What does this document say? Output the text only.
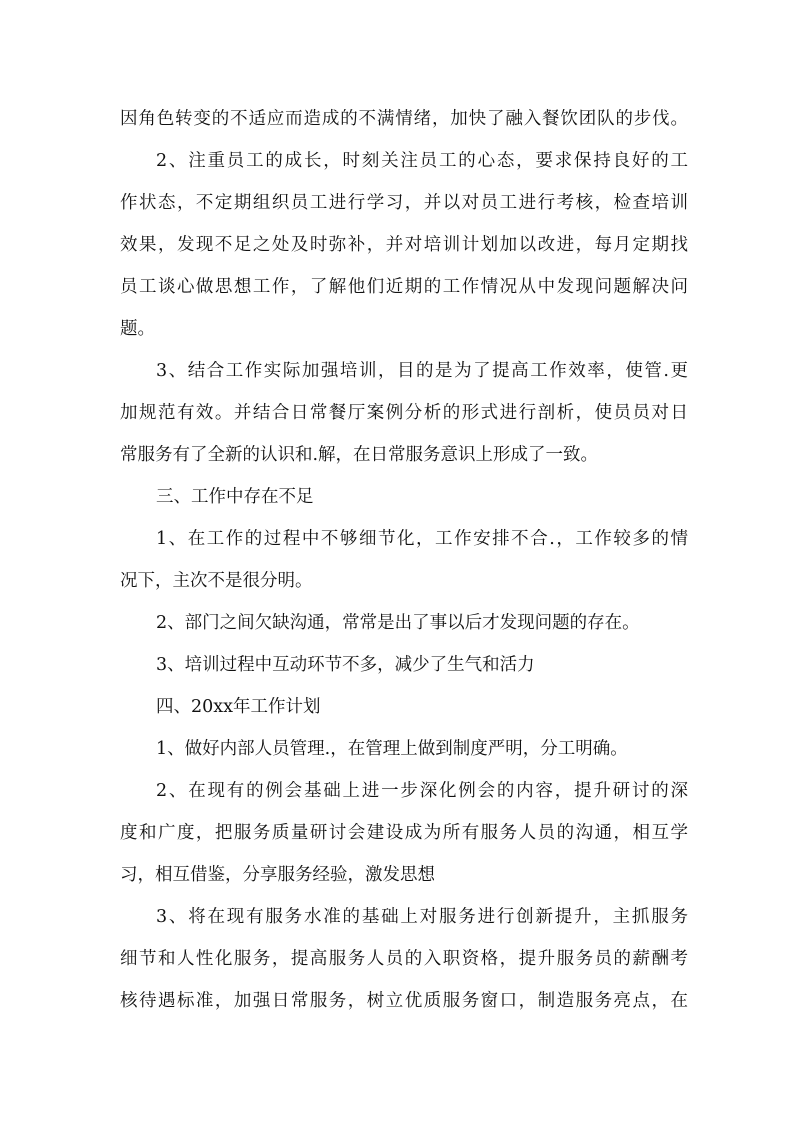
因角色转变的不适应而造成的不满情绪，加快了融入餐饮团队的步伐。
2、注重员工的成长，时刻关注员工的心态，要求保持良好的工
作状态，不定期组织员工进行学习，并以对员工进行考核，检查培训
效果，发现不足之处及时弥补，并对培训计划加以改进，每月定期找
员工谈心做思想工作，了解他们近期的工作情况从中发现问题解决问
题。
3、结合工作实际加强培训，目的是为了提高工作效率，使管.更
加规范有效。并结合日常餐厅案例分析的形式进行剖析，使员员对日
常服务有了全新的认识和.解，在日常服务意识上形成了一致。
三、工作中存在不足
1、在工作的过程中不够细节化，工作安排不合.，工作较多的情
况下，主次不是很分明。
2、部门之间欠缺沟通，常常是出了事以后才发现问题的存在。
3、培训过程中互动环节不多，减少了生气和活力
四、20xx年工作计划
1、做好内部人员管理.，在管理上做到制度严明，分工明确。
2、在现有的例会基础上进一步深化例会的内容，提升研讨的深
度和广度，把服务质量研讨会建设成为所有服务人员的沟通，相互学
习，相互借鉴，分享服务经验，激发思想
3、将在现有服务水准的基础上对服务进行创新提升，主抓服务
细节和人性化服务，提高服务人员的入职资格，提升服务员的薪酬考
核待遇标准，加强日常服务，树立优质服务窗口，制造服务亮点，在
